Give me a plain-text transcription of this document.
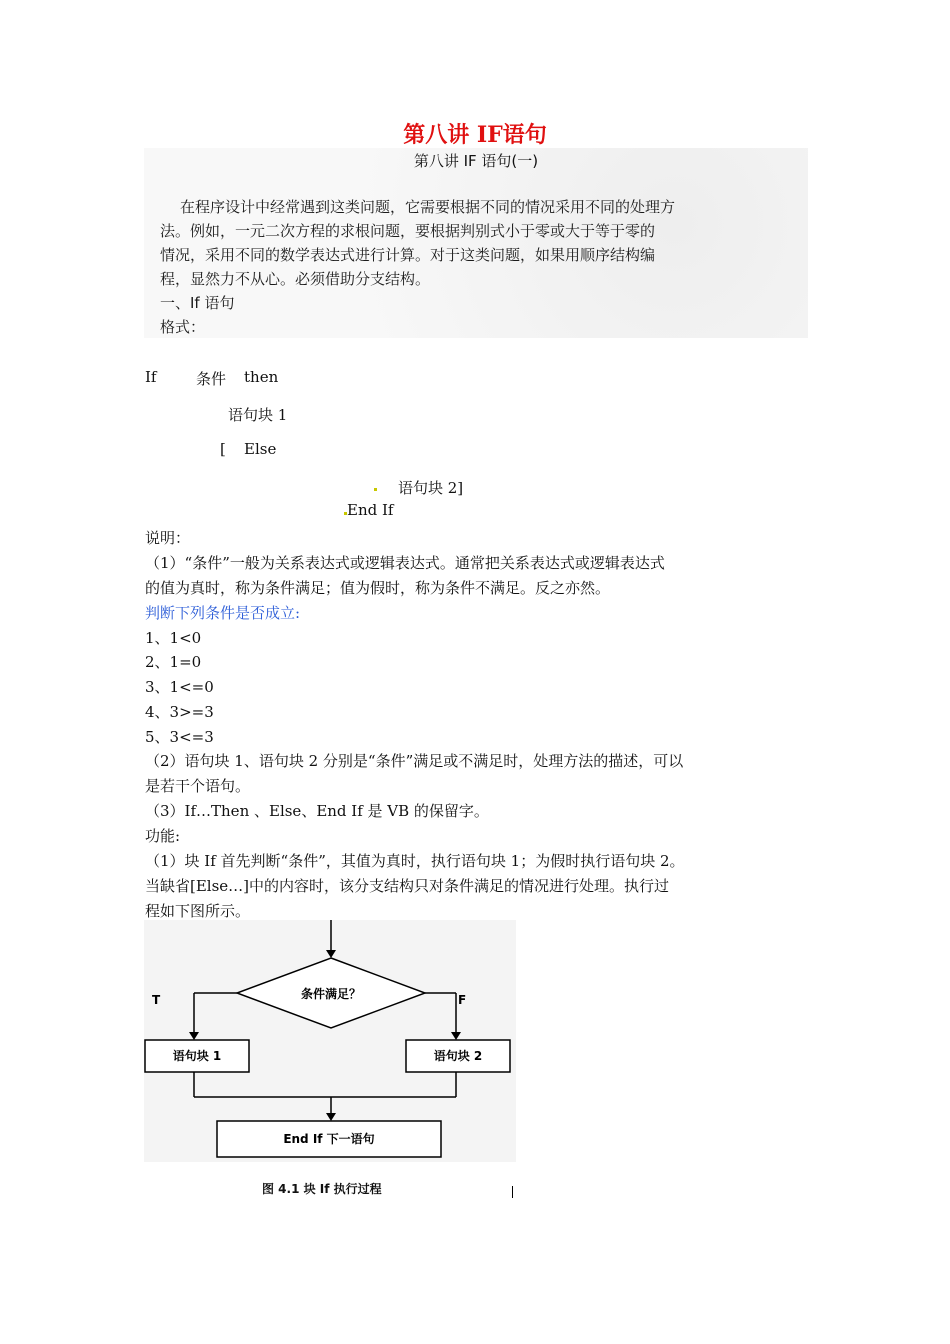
第八讲 IF语句
第八讲 IF 语句(一)
在程序设计中经常遇到这类问题，它需要根据不同的情况采用不同的处理方
法。例如，一元二次方程的求根问题，要根据判别式小于零或大于等于零的
情况，采用不同的数学表达式进行计算。对于这类问题，如果用顺序结构编
程，显然力不从心。必须借助分支结构。
一、If 语句
格式：
If	条件 then
语句块 1
[ Else
语句块 2]
End If
说明：
（1）“条件”一般为关系表达式或逻辑表达式。通常把关系表达式或逻辑表达式
的值为真时，称为条件满足；值为假时，称为条件不满足。反之亦然。
判断下列条件是否成立:
1、1<0
2、1=0
3、1<=0
4、3>=3
5、3<=3
（2）语句块 1、语句块 2 分别是“条件”满足或不满足时，处理方法的描述，可以
是若干个语句。
（3）If…Then 、Else、End If 是 VB 的保留字。
功能:
（1）块 If 首先判断“条件”，其值为真时，执行语句块 1；为假时执行语句块 2。
当缺省[Else…]中的内容时，该分支结构只对条件满足的情况进行处理。执行过
程如下图所示。
条件满足？
T	F
语句块 1	语句块 2
End If 下一语句
图 4.1 块 If 执行过程
